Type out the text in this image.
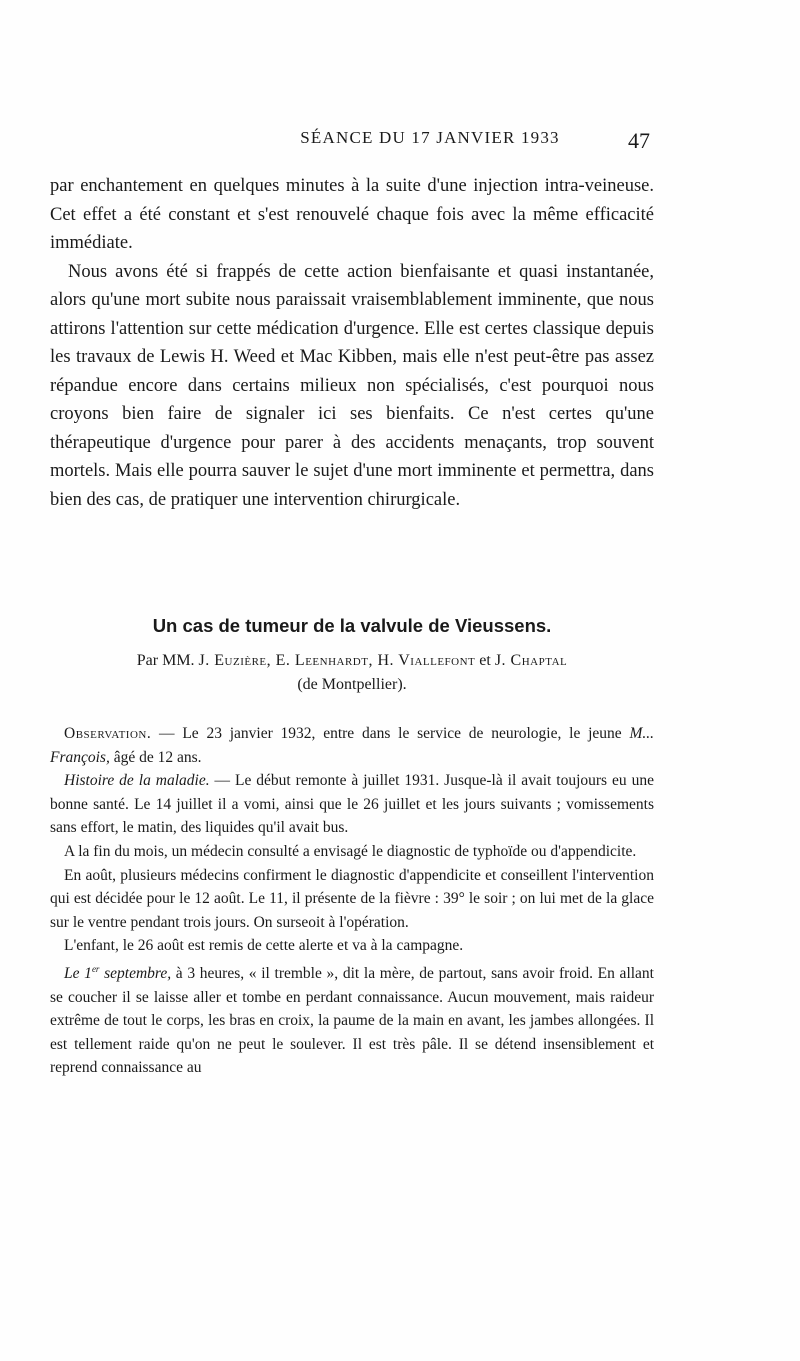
SÉANCE DU 17 JANVIER 1933	47

par enchantement en quelques minutes à la suite d'une injection intra-veineuse. Cet effet a été constant et s'est renouvelé chaque fois avec la même efficacité immédiate.

Nous avons été si frappés de cette action bienfaisante et quasi instantanée, alors qu'une mort subite nous paraissait vraisemblablement imminente, que nous attirons l'attention sur cette médication d'urgence. Elle est certes classique depuis les travaux de Lewis H. Weed et Mac Kibben, mais elle n'est peut-être pas assez répandue encore dans certains milieux non spécialisés, c'est pourquoi nous croyons bien faire de signaler ici ses bienfaits. Ce n'est certes qu'une thérapeutique d'urgence pour parer à des accidents menaçants, trop souvent mortels. Mais elle pourra sauver le sujet d'une mort imminente et permettra, dans bien des cas, de pratiquer une intervention chirurgicale.

Un cas de tumeur de la valvule de Vieussens.
Par MM. J. Euzière, E. Leenhardt, H. Viallefont et J. Chaptal
(de Montpellier).

Observation. — Le 23 janvier 1932, entre dans le service de neurologie, le jeune M... François, âgé de 12 ans.

Histoire de la maladie. — Le début remonte à juillet 1931. Jusque-là il avait toujours eu une bonne santé. Le 14 juillet il a vomi, ainsi que le 26 juillet et les jours suivants ; vomissements sans effort, le matin, des liquides qu'il avait bus.

A la fin du mois, un médecin consulté a envisagé le diagnostic de typhoïde ou d'appendicite.

En août, plusieurs médecins confirment le diagnostic d'appendicite et conseillent l'intervention qui est décidée pour le 12 août. Le 11, il présente de la fièvre : 39° le soir ; on lui met de la glace sur le ventre pendant trois jours. On surseoit à l'opération.

L'enfant, le 26 août est remis de cette alerte et va à la campagne.

Le 1er septembre, à 3 heures, « il tremble », dit la mère, de partout, sans avoir froid. En allant se coucher il se laisse aller et tombe en perdant connaissance. Aucun mouvement, mais raideur extrême de tout le corps, les bras en croix, la paume de la main en avant, les jambes allongées. Il est tellement raide qu'on ne peut le soulever. Il est très pâle. Il se détend insensiblement et reprend connaissance au
